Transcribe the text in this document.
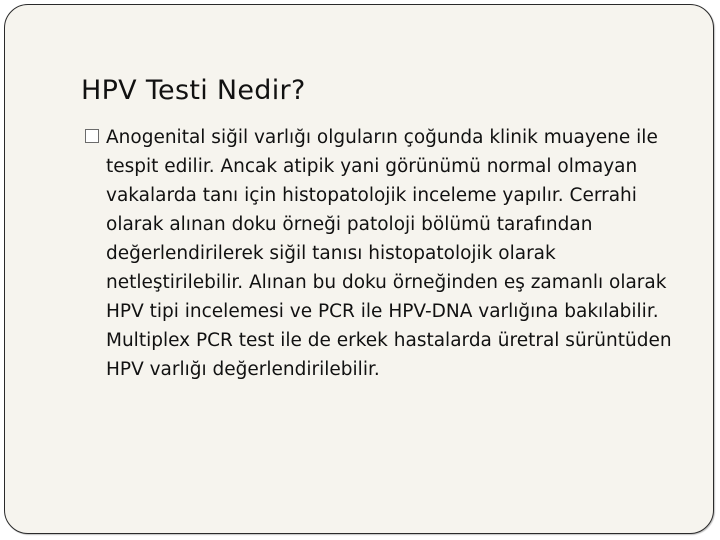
HPV Testi Nedir?

Anogenital siğil varlığı olguların çoğunda klinik muayene ile tespit edilir. Ancak atipik yani görünümü normal olmayan vakalarda tanı için histopatolojik inceleme yapılır. Cerrahi olarak alınan doku örneği patoloji bölümü tarafından değerlendirilerek siğil tanısı histopatolojik olarak netleştirilebilir. Alınan bu doku örneğinden eş zamanlı olarak HPV tipi incelemesi ve PCR ile HPV-DNA varlığına bakılabilir. Multiplex PCR test ile de erkek hastalarda üretral sürüntüden HPV varlığı değerlendirilebilir.
